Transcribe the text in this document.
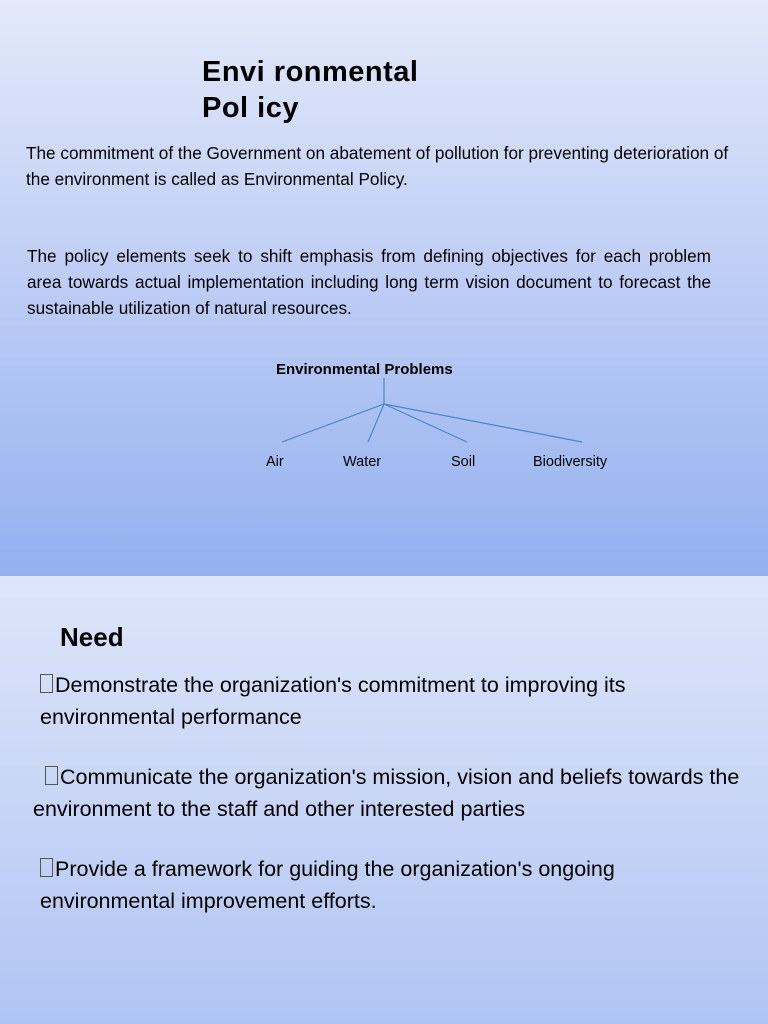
Envi ronmental
Pol icy
The commitment of the Government on abatement of pollution for preventing deterioration of the environment is called as Environmental Policy.
The policy elements seek to shift emphasis from defining objectives for each problem area towards actual implementation including long term vision document to forecast the sustainable utilization of natural resources.
Environmental Problems
Air	Water	Soil	Biodiversity
Need
Demonstrate the organization's commitment to improving its environmental performance
Communicate the organization's mission, vision and beliefs towards the environment to the staff and other interested parties
Provide a framework for guiding the organization's ongoing environmental improvement efforts.
